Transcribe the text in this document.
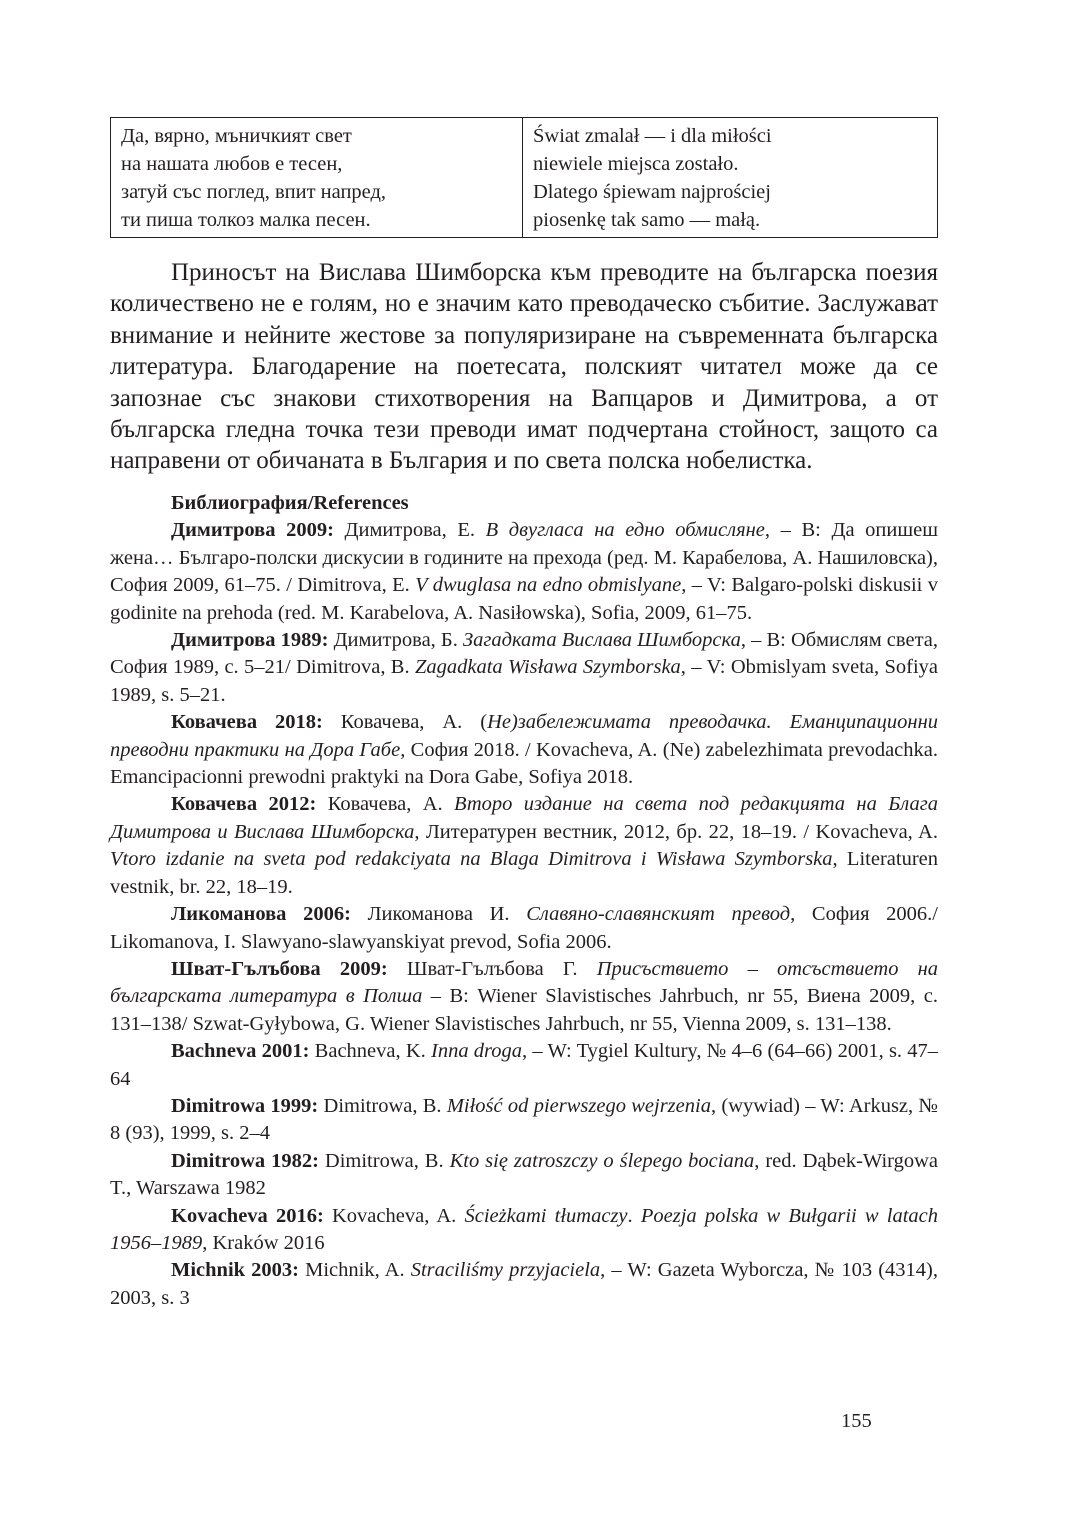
Да, вярно, мъничкият свет
на нашата любов е тесен,
затуй със поглед, впит напред,
ти пиша толкоз малка песен.
Świat zmalał — i dla miłości
niewiele miejsca zostało.
Dlatego śpiewam najprościej
piosenkę tak samo — małą.

Приносът на Вислава Шимборска към преводите на българска поезия количествено не е голям, но е значим като преводаческо събитие. Заслужават внимание и нейните жестове за популяризиране на съвременната българска литература. Благодарение на поетесата, полският читател може да се запознае със знакови стихотворения на Вапцаров и Димитрова, а от българска гледна точка тези преводи имат подчертана стойност, защото са направени от обичаната в България и по света полска нобелистка.

Библиография/References

Димитрова 2009: Димитрова, Е. В двуглаcа на едно обмисляне, – В: Да опишеш жена… Българо-полски дискусии в годините на прехода (ред. М. Карабелова, А. Нашиловска), София 2009, 61–75. / Dimitrova, E. V dwuglasa na edno obmislyane, – V: Balgaro-polski diskusii v godinite na prehoda (red. M. Karabelova, A. Nasiłowska), Sofia, 2009, 61–75.

Димитрова 1989: Димитрова, Б. Загадката Вислава Шимборска, – В: Обмислям света, София 1989, с. 5–21/ Dimitrova, B. Zagadkata Wisława Szymborska, – V: Obmislyam sveta, Sofiya 1989, s. 5–21.

Ковачева 2018: Ковачева, А. (Не)забележимата преводачка. Еманципационни преводни практики на Дора Габе, София 2018. / Kovacheva, A. (Ne) zabelezhimata prevodachka. Emancipacionni prewodni praktyki na Dora Gabe, Sofiya 2018.

Ковачева 2012: Ковачева, А. Второ издание на света под редакцията на Блага Димитрова и Вислава Шимборска, Литературен вестник, 2012, бр. 22, 18–19. / Kovacheva, A. Vtoro izdanie na sveta pod redakciyata na Blaga Dimitrova i Wisława Szymborska, Literaturen vestnik, br. 22, 18–19.

Ликоманова 2006: Ликоманова И. Славяно-славянският превод, София 2006./ Likomanova, I. Slawyano-slawyanskiyat prevod, Sofia 2006.

Шват-Гълъбова 2009: Шват-Гълъбова Г. Присъствието – отсъствието на българската литература в Полша – В: Wiener Slavistisches Jahrbuch, nr 55, Виена 2009, с. 131–138/ Szwat-Gyłybowa, G. Wiener Slavistisches Jahrbuch, nr 55, Vienna 2009, s. 131–138.

Bachneva 2001: Bachneva, K. Inna droga, – W: Tygiel Kultury, № 4–6 (64–66) 2001, s. 47–64

Dimitrowa 1999: Dimitrowa, B. Miłość od pierwszego wejrzenia, (wywiad) – W: Arkusz, № 8 (93), 1999, s. 2–4

Dimitrowa 1982: Dimitrowa, B. Kto się zatroszczy o ślepego bociana, red. Dąbek-Wirgowa T., Warszawa 1982

Kovacheva 2016: Kovacheva, A. Ścieżkami tłumaczy. Poezja polska w Bułgarii w latach 1956–1989, Kraków 2016

Michnik 2003: Michnik, A. Straciliśmy przyjaciela, – W: Gazeta Wyborcza, № 103 (4314), 2003, s. 3

155
